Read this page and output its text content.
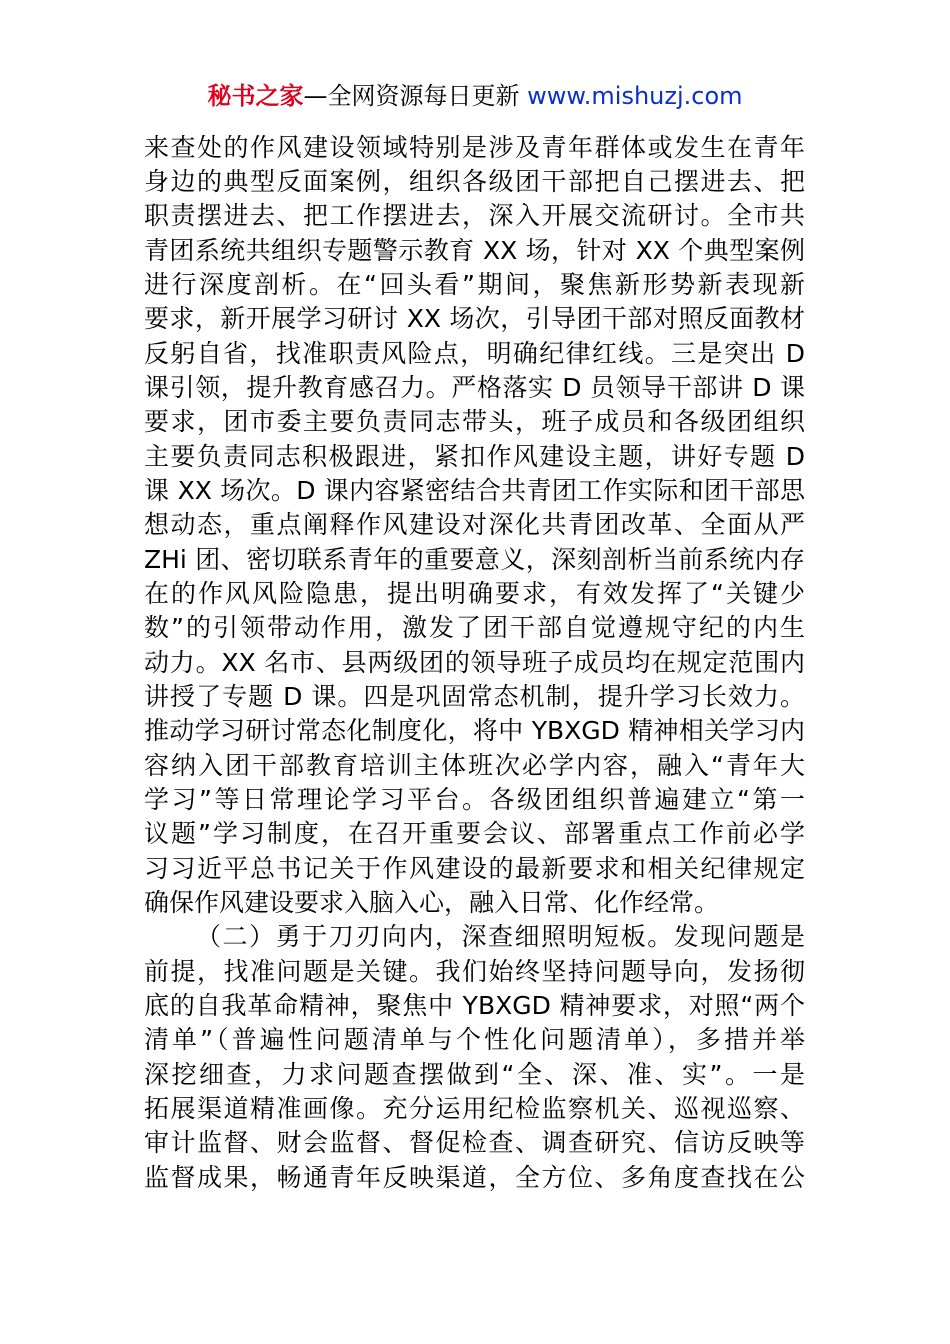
秘书之家—全网资源每日更新 www.mishuzj.com
来查处的作风建设领域特别是涉及青年群体或发生在青年
身边的典型反面案例，组织各级团干部把自己摆进去、把
职责摆进去、把工作摆进去，深入开展交流研讨。全市共
青团系统共组织专题警示教育 XX 场，针对 XX 个典型案例
进行深度剖析。在“回头看”期间，聚焦新形势新表现新
要求，新开展学习研讨 XX 场次，引导团干部对照反面教材
反躬自省，找准职责风险点，明确纪律红线。三是突出 D
课引领，提升教育感召力。严格落实 D 员领导干部讲 D 课
要求，团市委主要负责同志带头，班子成员和各级团组织
主要负责同志积极跟进，紧扣作风建设主题，讲好专题 D
课 XX 场次。D 课内容紧密结合共青团工作实际和团干部思
想动态，重点阐释作风建设对深化共青团改革、全面从严
ZHi 团、密切联系青年的重要意义，深刻剖析当前系统内存
在的作风风险隐患，提出明确要求，有效发挥了“关键少
数”的引领带动作用，激发了团干部自觉遵规守纪的内生
动力。XX 名市、县两级团的领导班子成员均在规定范围内
讲授了专题 D 课。四是巩固常态机制，提升学习长效力。
推动学习研讨常态化制度化，将中 YBXGD 精神相关学习内
容纳入团干部教育培训主体班次必学内容，融入“青年大
学习”等日常理论学习平台。各级团组织普遍建立“第一
议题”学习制度，在召开重要会议、部署重点工作前必学
习习近平总书记关于作风建设的最新要求和相关纪律规定
确保作风建设要求入脑入心，融入日常、化作经常。
（二）勇于刀刃向内，深查细照明短板。发现问题是
前提，找准问题是关键。我们始终坚持问题导向，发扬彻
底的自我革命精神，聚焦中 YBXGD 精神要求，对照“两个
清单”（普遍性问题清单与个性化问题清单），多措并举
深挖细查，力求问题查摆做到“全、深、准、实”。一是
拓展渠道精准画像。充分运用纪检监察机关、巡视巡察、
审计监督、财会监督、督促检查、调查研究、信访反映等
监督成果，畅通青年反映渠道，全方位、多角度查找在公
